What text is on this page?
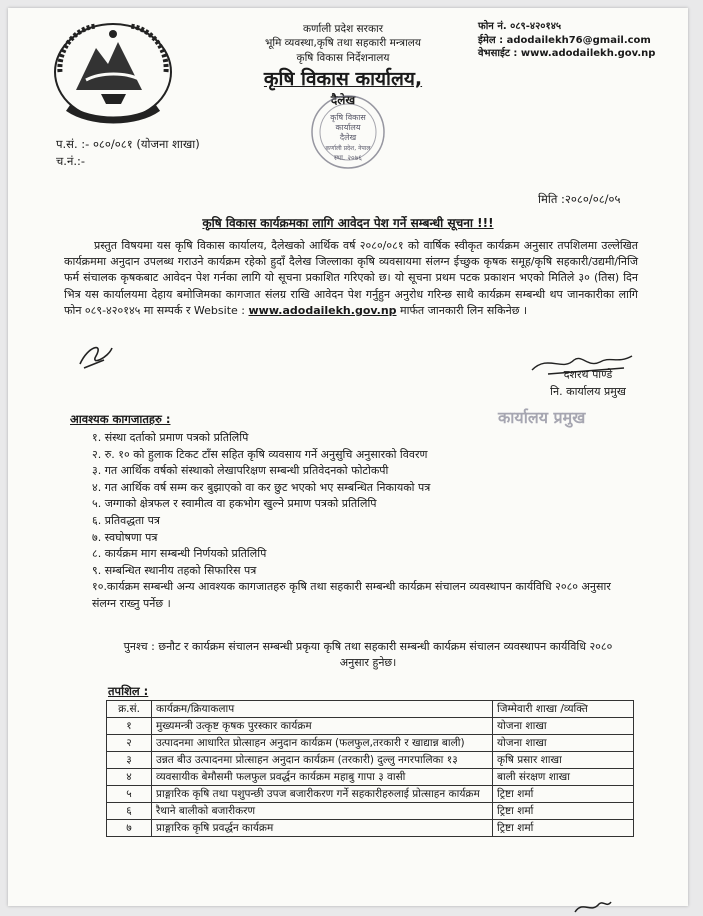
कर्णाली प्रदेश सरकार
भूमि व्यवस्था,कृषि तथा सहकारी मन्त्रालय
कृषि विकास निर्देशनालय
कृषि विकास कार्यालय,
दैलेख
फोन नं. ०८९-४२०१४५
ईमेल : adodailekh76@gmail.com
वेभसाईट : www.adodailekh.gov.np
कृषि विकास
कार्यालय
दैलेख
कर्णाली प्रदेश, नेपाल
स्था. २०७६
प.सं. :- ०८०/०८१ (योजना शाखा)
च.नं.:-
मिति :२०८०/०८/०५
कृषि विकास कार्यक्रमका लागि आवेदन पेश गर्ने सम्बन्धी सूचना !!!
प्रस्तुत विषयमा यस कृषि विकास कार्यालय, दैलेखको आर्थिक वर्ष २०८०/०८१ को वार्षिक स्वीकृत कार्यक्रम अनुसार तपशिलमा उल्लेखित कार्यक्रममा अनुदान उपलब्ध गराउने कार्यक्रम रहेको हुदाँ दैलेख जिल्लाका कृषि व्यवसायमा संलग्न ईच्छुक कृषक समूह/कृषि सहकारी/उद्यमी/निजि फर्म संचालक कृषकबाट आवेदन पेश गर्नका लागि यो सूचना प्रकाशित गरिएको छ। यो सूचना प्रथम पटक प्रकाशन भएको मितिले ३० (तिस) दिन भित्र यस कार्यालयमा देहाय बमोजिमका कागजात संलग्र राखि आवेदन पेश गर्नुहुन अनुरोध गरिन्छ साथै कार्यक्रम सम्बन्धी थप जानकारीका लागि फोन ०८९-४२०१४५ मा सम्पर्क र Website : www.adodailekh.gov.np मार्फत जानकारी लिन सकिनेछ ।
दशरथ पाण्डे
नि. कार्यालय प्रमुख
कार्यालय प्रमुख
आवश्यक कागजातहरु :
१. संस्था दर्ताको प्रमाण पत्रको प्रतिलिपि
२. रु. १० को हुलाक टिकट टाँस सहित कृषि व्यवसाय गर्ने अनुसुचि अनुसारको विवरण
३. गत आर्थिक वर्षको संस्थाको लेखापरिक्षण सम्बन्धी प्रतिवेदनको फोटोकपी
४. गत आर्थिक वर्ष सम्म कर बुझाएको वा कर छुट भएको भए सम्बन्धित निकायको पत्र
५. जग्गाको क्षेत्रफल र स्वामीत्व वा हकभोग खुल्ने प्रमाण पत्रको प्रतिलिपि
६. प्रतिवद्धता पत्र
७. स्वघोषणा पत्र
८. कार्यक्रम माग सम्बन्धी निर्णयको प्रतिलिपि
९. सम्बन्धित स्थानीय तहको सिफारिस पत्र
१०.कार्यक्रम सम्बन्धी अन्य आवश्यक कागजातहरु कृषि तथा सहकारी सम्बन्धी कार्यक्रम संचालन व्यवस्थापन कार्यविधि २०८० अनुसार संलग्न राख्नु पर्नेछ ।
पुनश्च : छनौट र कार्यक्रम संचालन सम्बन्धी प्रकृया कृषि तथा सहकारी सम्बन्धी कार्यक्रम संचालन व्यवस्थापन कार्यविधि २०८० अनुसार हुनेछ।
तपशिल :
क्र.सं.	कार्यक्रम/क्रियाकलाप	जिम्मेवारी शाखा /व्यक्ति
१	मुख्यमन्त्री उत्कृष्ट कृषक पुरस्कार कार्यक्रम	योजना शाखा
२	उत्पादनमा आधारित प्रोत्साहन अनुदान कार्यक्रम (फलफुल,तरकारी र खाद्यान्न बाली)	योजना शाखा
३	उन्नत बीउ उत्पादनमा प्रोत्साहन अनुदान कार्यक्रम (तरकारी) दुल्लु नगरपालिका १३	कृषि प्रसार शाखा
४	व्यवसायीक बेमौसमी फलफुल प्रवर्द्धन कार्यक्रम महाबु गापा ३ वासी	बाली संरक्षण शाखा
५	प्राङ्गारिक कृषि तथा पशुपन्छी उपज बजारीकरण गर्ने सहकारीहरुलाई प्रोत्साहन कार्यक्रम	ट्रिष्टा शर्मा
६	रैथाने बालीको बजारीकरण	ट्रिष्टा शर्मा
७	प्राङ्गारिक कृषि प्रवर्द्धन कार्यक्रम	ट्रिष्टा शर्मा
